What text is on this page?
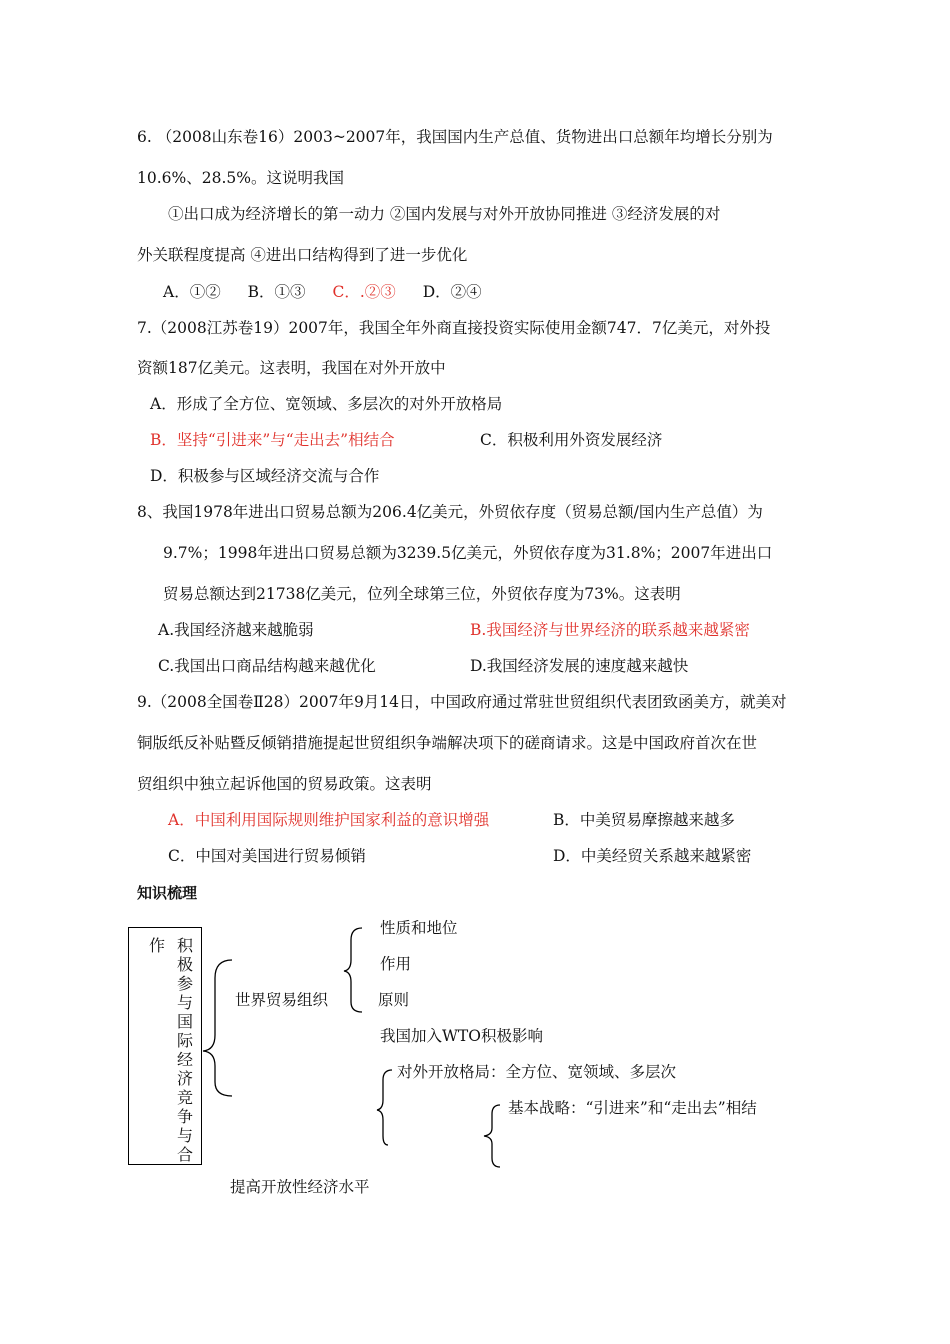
6. （2008山东卷16）2003~2007年，我国国内生产总值、货物进出口总额年均增长分别为
10.6%、28.5%。这说明我国
①出口成为经济增长的第一动力 ②国内发展与对外开放协同推进 ③经济发展的对
外关联程度提高 ④进出口结构得到了进一步优化
A．①② B．①③ C．.②③ D．②④
7.（2008江苏卷19）2007年，我国全年外商直接投资实际使用金额747．7亿美元，对外投
资额187亿美元。这表明，我国在对外开放中
A．形成了全方位、宽领域、多层次的对外开放格局
B．坚持“引进来”与“走出去”相结合	C．积极利用外资发展经济
D．积极参与区域经济交流与合作
8、我国1978年进出口贸易总额为206.4亿美元，外贸依存度（贸易总额/国内生产总值）为
9.7%；1998年进出口贸易总额为3239.5亿美元，外贸依存度为31.8%；2007年进出口
贸易总额达到21738亿美元，位列全球第三位，外贸依存度为73%。这表明
A.我国经济越来越脆弱	B.我国经济与世界经济的联系越来越紧密
C.我国出口商品结构越来越优化	D.我国经济发展的速度越来越快
9.（2008全国卷Ⅱ28）2007年9月14日，中国政府通过常驻世贸组织代表团致函美方，就美对
铜版纸反补贴暨反倾销措施提起世贸组织争端解决项下的磋商请求。这是中国政府首次在世
贸组织中独立起诉他国的贸易政策。这表明
A．中国利用国际规则维护国家利益的意识增强	B．中美贸易摩擦越来越多
C．中国对美国进行贸易倾销	D．中美经贸关系越来越紧密
知识梳理
积极参与国际经济竞争与合
作
性质和地位
作用
世界贸易组织	原则
我国加入WTO积极影响
对外开放格局：全方位、宽领域、多层次
基本战略：“引进来”和“走出去”相结
提高开放性经济水平
